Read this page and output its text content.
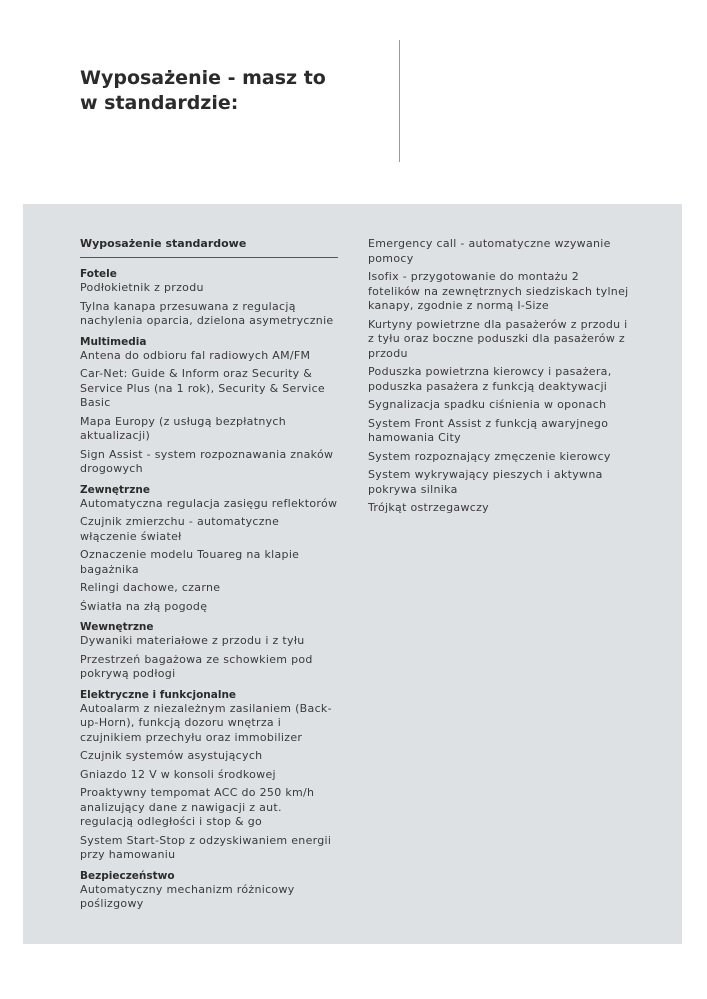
Wyposażenie - masz to
w standardzie:
Wyposażenie standardowe
Fotele
Podłokietnik z przodu
Tylna kanapa przesuwana z regulacją nachylenia oparcia, dzielona asymetrycznie
Multimedia
Antena do odbioru fal radiowych AM/FM
Car-Net: Guide & Inform oraz Security & Service Plus (na 1 rok), Security & Service Basic
Mapa Europy (z usługą bezpłatnych aktualizacji)
Sign Assist - system rozpoznawania znaków drogowych
Zewnętrzne
Automatyczna regulacja zasięgu reflektorów
Czujnik zmierzchu - automatyczne włączenie świateł
Oznaczenie modelu Touareg na klapie bagażnika
Relingi dachowe, czarne
Światła na złą pogodę
Wewnętrzne
Dywaniki materiałowe z przodu i z tyłu
Przestrzeń bagażowa ze schowkiem pod pokrywą podłogi
Elektryczne i funkcjonalne
Autoalarm z niezależnym zasilaniem (Back-up-Horn), funkcją dozoru wnętrza i czujnikiem przechyłu oraz immobilizer
Czujnik systemów asystujących
Gniazdo 12 V w konsoli środkowej
Proaktywny tempomat ACC do 250 km/h analizujący dane z nawigacji z aut. regulacją odległości i stop & go
System Start-Stop z odzyskiwaniem energii przy hamowaniu
Bezpieczeństwo
Automatyczny mechanizm różnicowy poślizgowy
Emergency call - automatyczne wzywanie pomocy
Isofix - przygotowanie do montażu 2 fotelików na zewnętrznych siedziskach tylnej kanapy, zgodnie z normą I-Size
Kurtyny powietrzne dla pasażerów z przodu i z tyłu oraz boczne poduszki dla pasażerów z przodu
Poduszka powietrzna kierowcy i pasażera, poduszka pasażera z funkcją deaktywacji
Sygnalizacja spadku ciśnienia w oponach
System Front Assist z funkcją awaryjnego hamowania City
System rozpoznający zmęczenie kierowcy
System wykrywający pieszych i aktywna pokrywa silnika
Trójkąt ostrzegawczy
otomoto
